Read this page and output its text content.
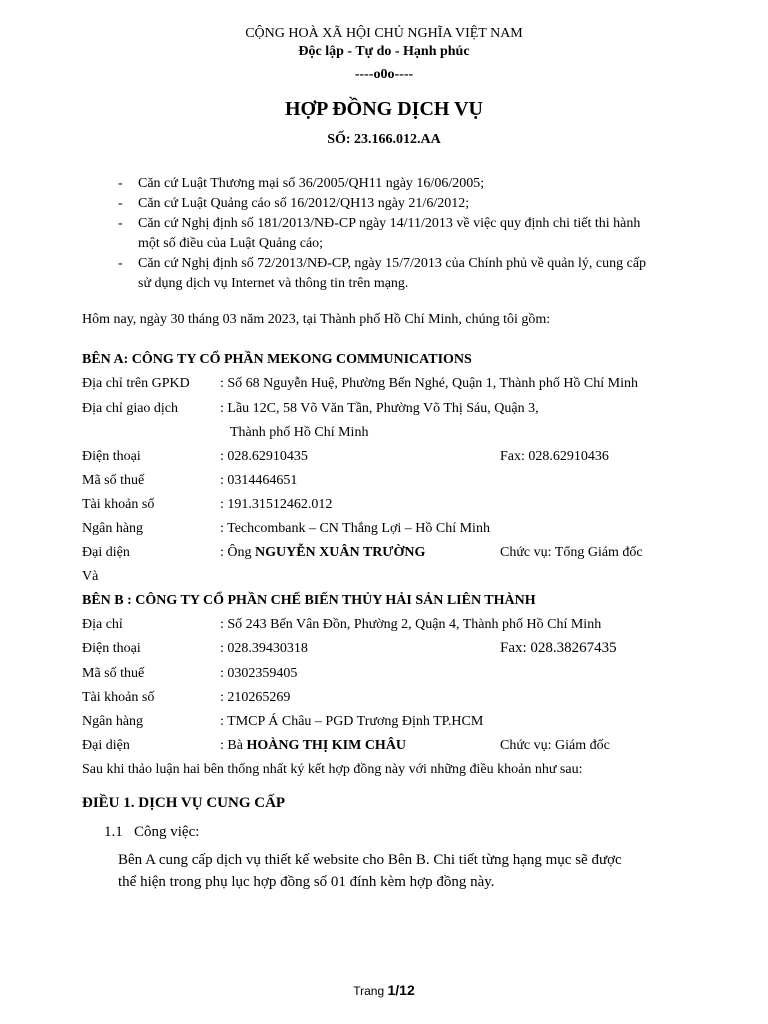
CỘNG HOÀ XÃ HỘI CHỦ NGHĨA VIỆT NAM
Độc lập - Tự do - Hạnh phúc
----o0o----
HỢP ĐỒNG DỊCH VỤ
SỐ: 23.166.012.AA
- Căn cứ Luật Thương mại số 36/2005/QH11 ngày 16/06/2005;
- Căn cứ Luật Quảng cáo số 16/2012/QH13 ngày 21/6/2012;
- Căn cứ Nghị định số 181/2013/NĐ-CP ngày 14/11/2013 về việc quy định chi tiết thi hành
một số điều của Luật Quảng cáo;
- Căn cứ Nghị định số 72/2013/NĐ-CP, ngày 15/7/2013 của Chính phủ về quản lý, cung cấp
sử dụng dịch vụ Internet và thông tin trên mạng.
Hôm nay, ngày 30 tháng 03 năm 2023, tại Thành phố Hồ Chí Minh, chúng tôi gồm:
BÊN A: CÔNG TY CỔ PHẦN MEKONG COMMUNICATIONS
Địa chỉ trên GPKD : Số 68 Nguyễn Huệ, Phường Bến Nghé, Quận 1, Thành phố Hồ Chí Minh
Địa chỉ giao dịch	: Lầu 12C, 58 Võ Văn Tần, Phường Võ Thị Sáu, Quận 3,
Thành phố Hồ Chí Minh
Điện thoại	: 028.62910435	Fax: 028.62910436
Mã số thuế	: 0314464651
Tài khoản số	: 191.31512462.012
Ngân hàng	: Techcombank – CN Thắng Lợi – Hồ Chí Minh
Đại diện	: Ông NGUYỄN XUÂN TRƯỜNG	Chức vụ: Tổng Giám đốc
Và
BÊN B : CÔNG TY CỔ PHẦN CHẾ BIẾN THỦY HẢI SẢN LIÊN THÀNH
Địa chỉ	: Số 243 Bến Vân Đồn, Phường 2, Quận 4, Thành phố Hồ Chí Minh
Điện thoại	: 028.39430318	Fax: 028.38267435
Mã số thuế	: 0302359405
Tài khoản số	: 210265269
Ngân hàng	: TMCP Á Châu – PGD Trương Định TP.HCM
Đại diện	: Bà HOÀNG THỊ KIM CHÂU	Chức vụ: Giám đốc
Sau khi thảo luận hai bên thống nhất ký kết hợp đồng này với những điều khoản như sau:
ĐIỀU 1. DỊCH VỤ CUNG CẤP
1.1 Công việc:
Bên A cung cấp dịch vụ thiết kế website cho Bên B. Chi tiết từng hạng mục sẽ được
thể hiện trong phụ lục hợp đồng số 01 đính kèm hợp đồng này.
Trang 1/12
